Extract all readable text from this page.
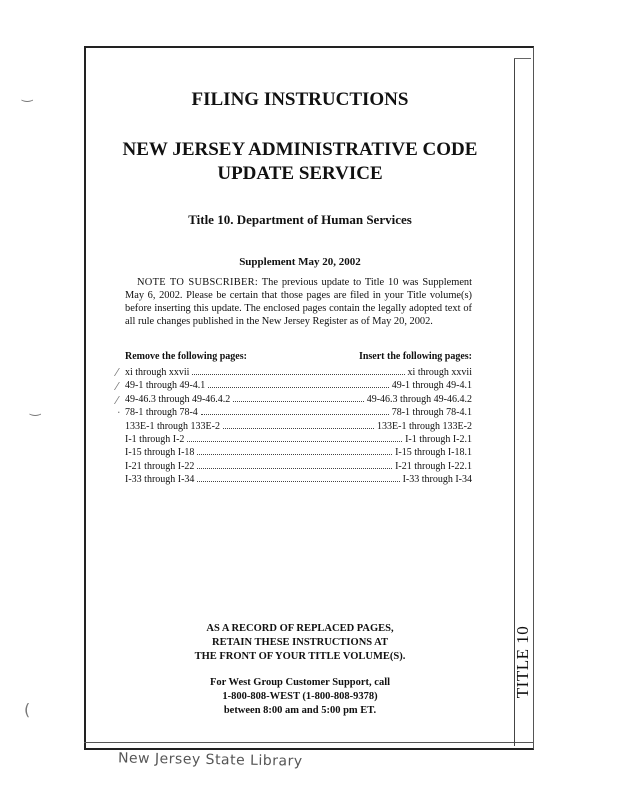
TITLE 10
FILING INSTRUCTIONS
NEW JERSEY ADMINISTRATIVE CODE
UPDATE SERVICE
Title 10. Department of Human Services
Supplement May 20, 2002
NOTE TO SUBSCRIBER: The previous update to Title 10 was Supplement May 6, 2002. Please be certain that those pages are filed in your Title volume(s) before inserting this update. The enclosed pages contain the legally adopted text of all rule changes published in the New Jersey Register as of May 20, 2002.
Remove the following pages:	Insert the following pages:
xi through xxvii	xi through xxvii
49-1 through 49-4.1	49-1 through 49-4.1
49-46.3 through 49-46.4.2	49-46.3 through 49-46.4.2
78-1 through 78-4	78-1 through 78-4.1
133E-1 through 133E-2	133E-1 through 133E-2
I-1 through I-2	I-1 through I-2.1
I-15 through I-18	I-15 through I-18.1
I-21 through I-22	I-21 through I-22.1
I-33 through I-34	I-33 through I-34
⁄
⁄
⁄
·
‿
‿
(
AS A RECORD OF REPLACED PAGES,
RETAIN THESE INSTRUCTIONS AT
THE FRONT OF YOUR TITLE VOLUME(S).
For West Group Customer Support, call
1-800-808-WEST (1-800-808-9378)
between 8:00 am and 5:00 pm ET.
New Jersey State Library
